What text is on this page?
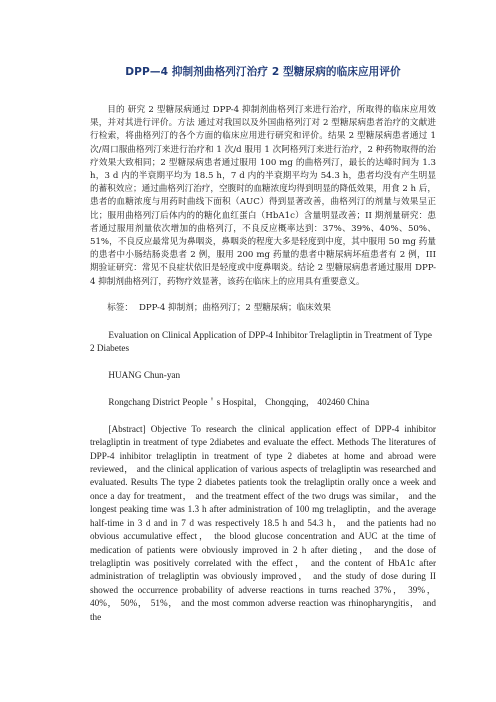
DPP—4 抑制剂曲格列汀治疗 2 型糖尿病的临床应用评价
目的 研究 2 型糖尿病通过 DPP-4 抑制剂曲格列汀来进行治疗，所取得的临床应用效果，并对其进行评价。方法 通过对我国以及外国曲格列汀对 2 型糖尿病患者治疗的文献进行检索，将曲格列汀的各个方面的临床应用进行研究和评价。结果 2 型糖尿病患者通过 1 次/周口服曲格列汀来进行治疗和 1 次/d 服用 1 次阿格列汀来进行治疗，2 种药物取得的治疗效果大致相同；2 型糖尿病患者通过服用 100 mg 的曲格列汀，最长的达峰时间为 1.3 h，3 d 内的半衰期平均为 18.5 h，7 d 内的半衰期平均为 54.3 h，患者均没有产生明显的蓄积效应；通过曲格列汀治疗，空腹时的血糖浓度均得到明显的降低效果，用食 2 h 后，患者的血糖浓度与用药时曲线下面积（AUC）得到显著改善，曲格列汀的剂量与效果呈正比；服用曲格列汀后体内的的糖化血红蛋白（HbA1c）含量明显改善；II 期剂量研究：患者通过服用剂量依次增加的曲格列汀，不良反应概率达到：37%、39%、40%、50%、51%，不良反应最常见为鼻咽炎，鼻咽炎的程度大多是轻度到中度，其中服用 50 mg 药量的患者中小肠结肠炎患者 2 例，服用 200 mg 药量的患者中糖尿病坏疽患者有 2 例，III 期验证研究：常见不良症状依旧是轻度或中度鼻咽炎。结论 2 型糖尿病患者通过服用 DPP-4 抑制剂曲格列汀，药物疗效显著，该药在临床上的应用具有重要意义。
标签： DPP-4 抑制剂；曲格列汀；2 型糖尿病；临床效果
Evaluation on Clinical Application of DPP-4 Inhibitor Trelagliptin in Treatment of Type 2 Diabetes
HUANG Chun-yan
Rongchang District People＇s Hospital， Chongqing， 402460 China
[Abstract] Objective To research the clinical application effect of DPP-4 inhibitor trelagliptin in treatment of type 2diabetes and evaluate the effect. Methods The literatures of DPP-4 inhibitor trelagliptin in treatment of type 2 diabetes at home and abroad were reviewed， and the clinical application of various aspects of trelagliptin was researched and evaluated. Results The type 2 diabetes patients took the trelagliptin orally once a week and once a day for treatment， and the treatment effect of the two drugs was similar， and the longest peaking time was 1.3 h after administration of 100 mg trelagliptin，and the average half-time in 3 d and in 7 d was respectively 18.5 h and 54.3 h， and the patients had no obvious accumulative effect， the blood glucose concentration and AUC at the time of medication of patients were obviously improved in 2 h after dieting， and the dose of trelagliptin was positively correlated with the effect， and the content of HbA1c after administration of trelagliptin was obviously improved， and the study of dose during II showed the occurrence probability of adverse reactions in turns reached 37%， 39%， 40%， 50%， 51%， and the most common adverse reaction was rhinopharyngitis， and the
